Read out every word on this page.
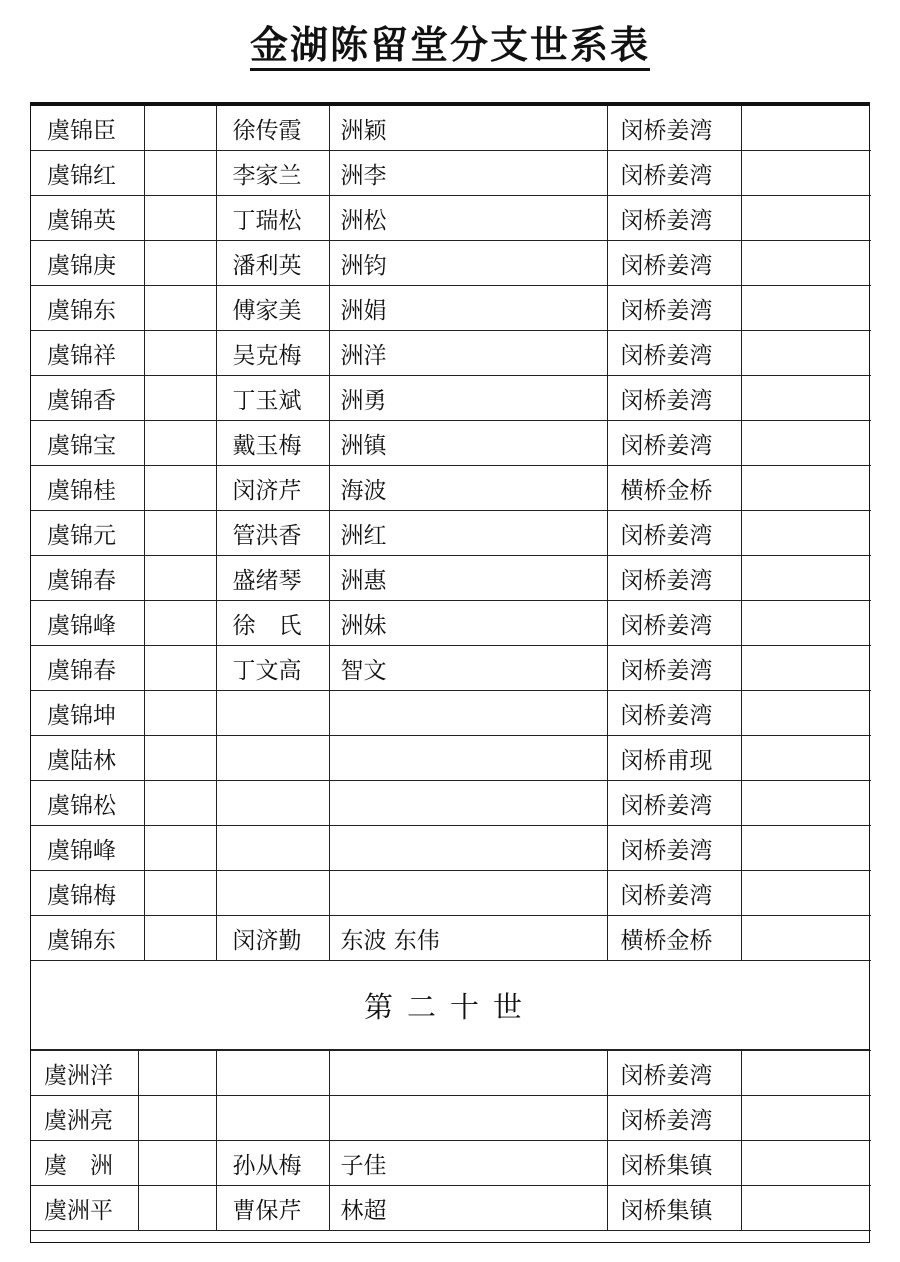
金湖陈留堂分支世系表
虞锦臣		徐传霞	洲颖	闵桥姜湾	
虞锦红		李家兰	洲李	闵桥姜湾	
虞锦英		丁瑞松	洲松	闵桥姜湾	
虞锦庚		潘利英	洲钧	闵桥姜湾	
虞锦东		傅家美	洲娟	闵桥姜湾	
虞锦祥		吴克梅	洲洋	闵桥姜湾	
虞锦香		丁玉斌	洲勇	闵桥姜湾	
虞锦宝		戴玉梅	洲镇	闵桥姜湾	
虞锦桂		闵济芹	海波	横桥金桥	
虞锦元		管洪香	洲红	闵桥姜湾	
虞锦春		盛绪琴	洲惠	闵桥姜湾	
虞锦峰		徐　氏	洲妹	闵桥姜湾	
虞锦春		丁文高	智文	闵桥姜湾	
虞锦坤				闵桥姜湾	
虞陆林				闵桥甫现	
虞锦松				闵桥姜湾	
虞锦峰				闵桥姜湾	
虞锦梅				闵桥姜湾	
虞锦东		闵济勤	东波 东伟	横桥金桥	
第二十世
虞洲洋				闵桥姜湾	
虞洲亮				闵桥姜湾	
虞　洲		孙从梅	子佳	闵桥集镇	
虞洲平		曹保芹	林超	闵桥集镇	
